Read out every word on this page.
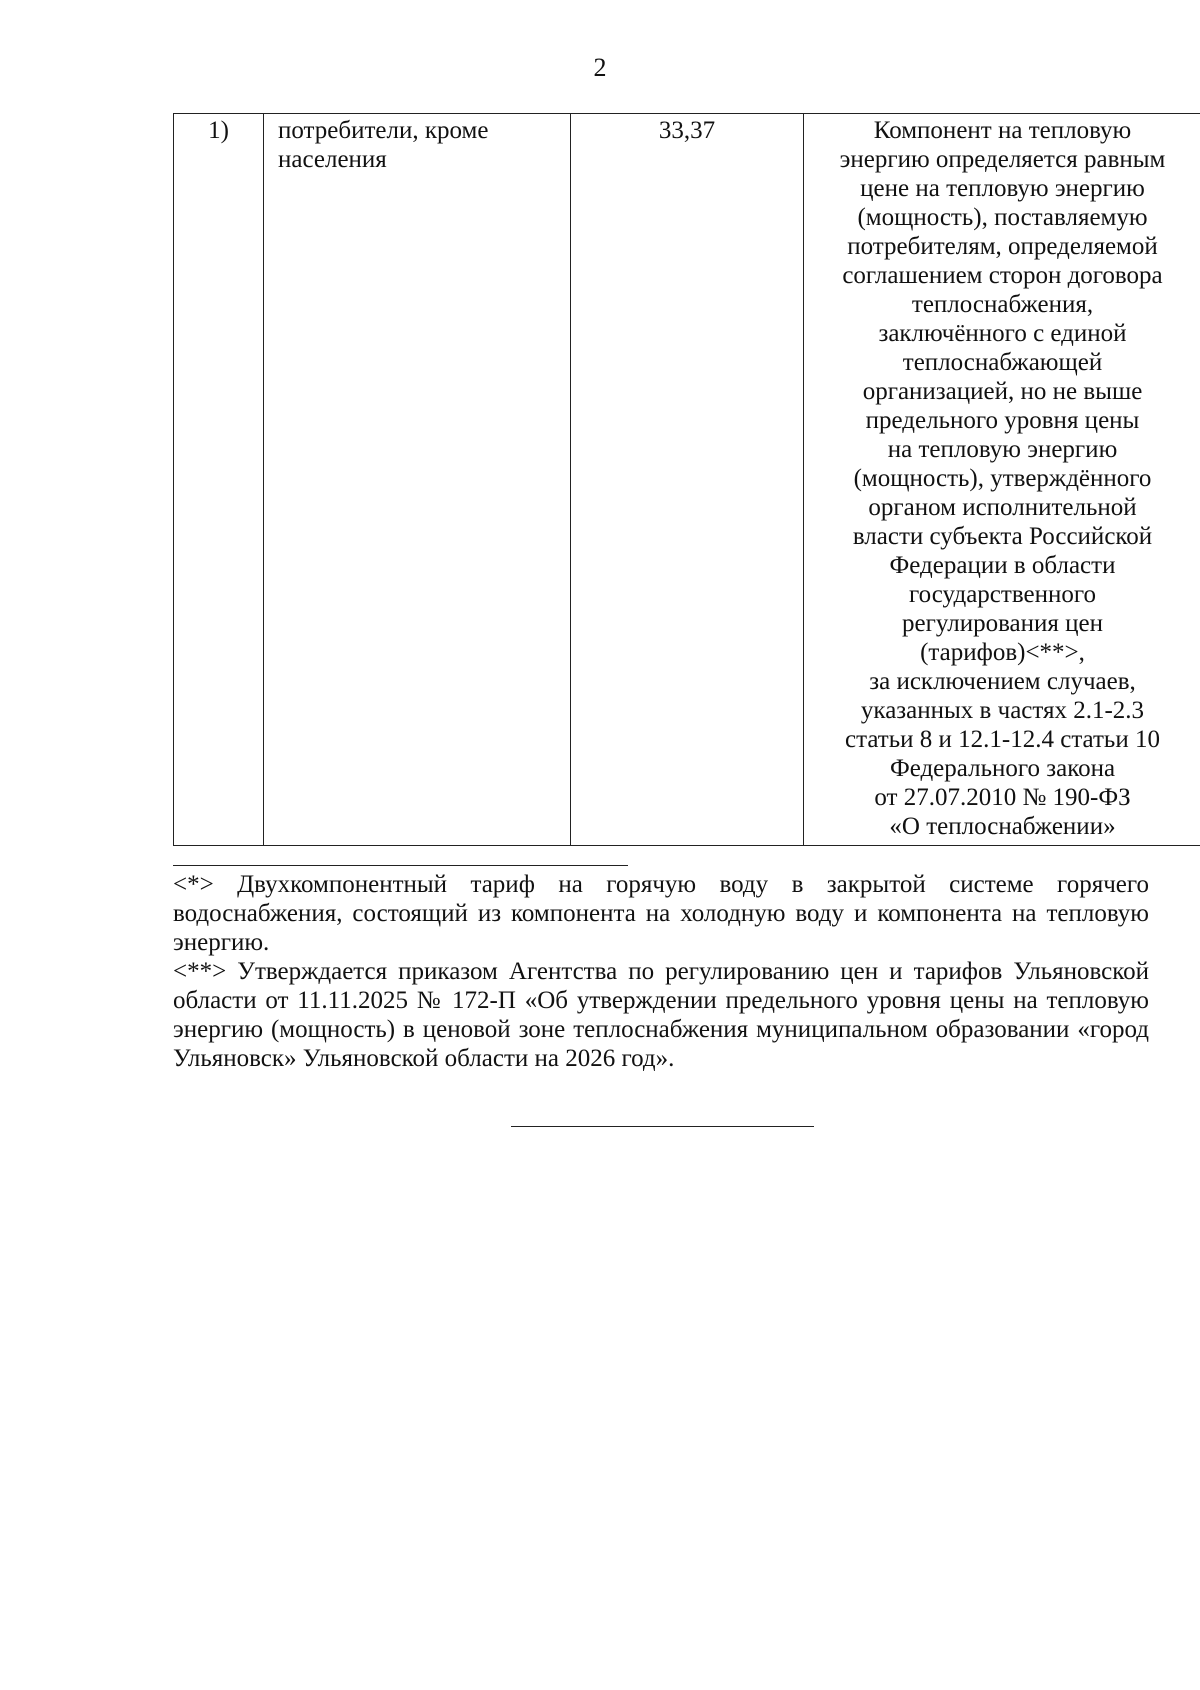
2
1)	потребители, кроме населения	33,37	Компонент на тепловую
энергию определяется равным
цене на тепловую энергию
(мощность), поставляемую
потребителям, определяемой
соглашением сторон договора
теплоснабжения,
заключённого с единой
теплоснабжающей
организацией, но не выше
предельного уровня цены
на тепловую энергию
(мощность), утверждённого
органом исполнительной
власти субъекта Российской
Федерации в области
государственного
регулирования цен
(тарифов)<**>,
за исключением случаев,
указанных в частях 2.1-2.3
статьи 8 и 12.1-12.4 статьи 10
Федерального закона
от 27.07.2010 № 190-ФЗ
«О теплоснабжении»

<*> Двухкомпонентный тариф на горячую воду в закрытой системе горячего водоснабжения, состоящий из компонента на холодную воду и компонента на тепловую энергию.

<**> Утверждается приказом Агентства по регулированию цен и тарифов Ульяновской области от 11.11.2025 № 172-П «Об утверждении предельного уровня цены на тепловую энергию (мощность) в ценовой зоне теплоснабжения муниципальном образовании «город Ульяновск» Ульяновской области на 2026 год».
